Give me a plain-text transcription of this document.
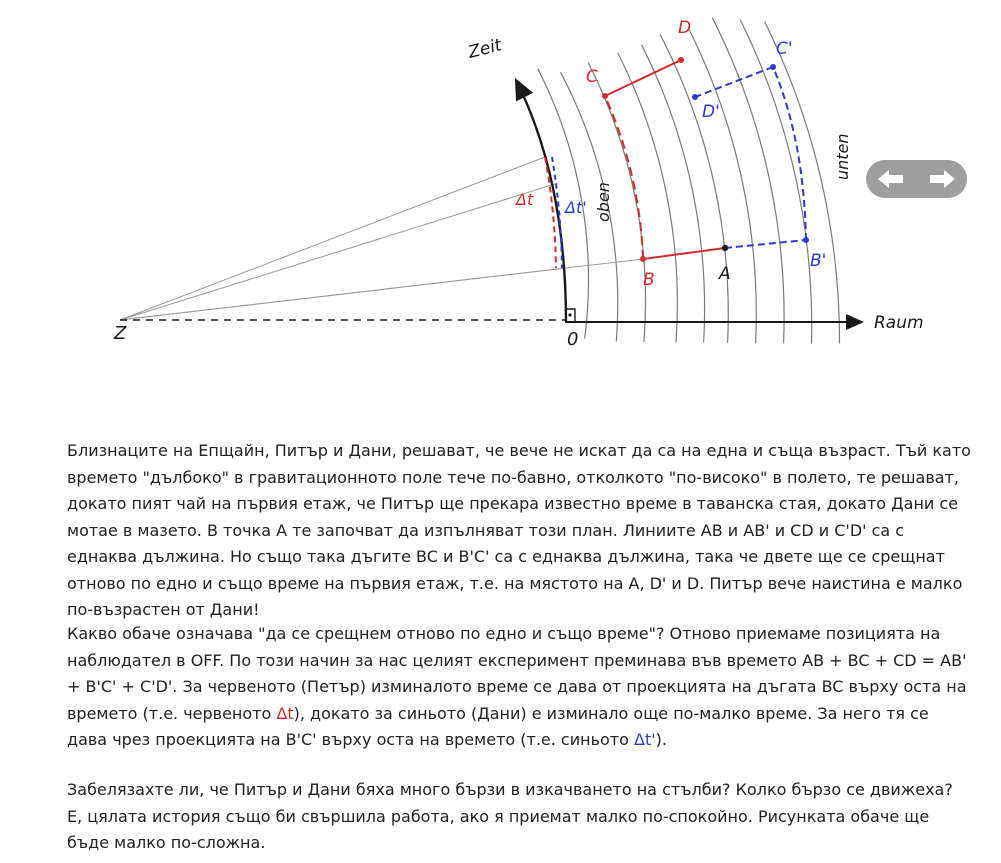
Zeit
Raum
0
Z
oben
unten
Δt Δt'
A
B
C
D
B'
C'
D'

Близнаците на Епщайн, Питър и Дани, решават, че вече не искат да са на една и съща възраст. Тъй като времето "дълбоко" в гравитационното поле тече по-бавно, отколкото "по-високо" в полето, те решават, докато пият чай на първия етаж, че Питър ще прекара известно време в таванска стая, докато Дани се мотае в мазето. В точка А те започват да изпълняват този план. Линиите AB и AB' и CD и C'D' са с еднаква дължина. Но също така дъгите BC и B'C' са с еднаква дължина, така че двете ще се срещнат отново по едно и също време на първия етаж, т.е. на мястото на A, D' и D. Питър вече наистина е малко по-възрастен от Дани!

Какво обаче означава "да се срещнем отново по едно и също време"? Отново приемаме позицията на наблюдател в OFF. По този начин за нас целият експеримент преминава във времето AB + BC + CD = AB' + B'C' + C'D'. За червеното (Петър) изминалото време се дава от проекцията на дъгата BC върху оста на времето (т.е. червеното Δt), докато за синьото (Дани) е изминало още по-малко време. За него тя се дава чрез проекцията на B'C' върху оста на времето (т.е. синьото Δt').

Забелязахте ли, че Питър и Дани бяха много бързи в изкачването на стълби? Колко бързо се движеха? Е, цялата история също би свършила работа, ако я приемат малко по-спокойно. Рисунката обаче ще бъде малко по-сложна.
